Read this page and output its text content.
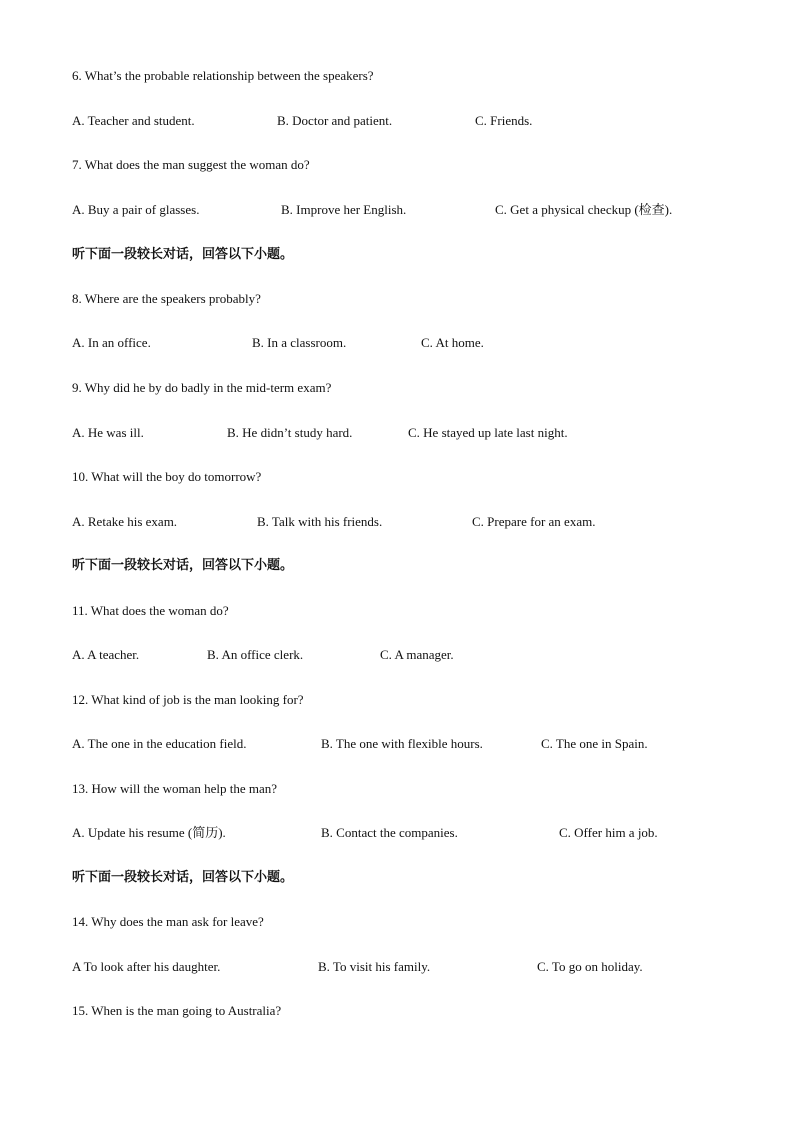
6. What’s the probable relationship between the speakers?
A. Teacher and student.	B. Doctor and patient.	C. Friends.
7. What does the man suggest the woman do?
A. Buy a pair of glasses.	B. Improve her English.	C. Get a physical checkup (检查).
听下面一段较长对话，回答以下小题。
8. Where are the speakers probably?
A. In an office.	B. In a classroom.	C. At home.
9. Why did he by do badly in the mid-term exam?
A. He was ill.	B. He didn’t study hard.	C. He stayed up late last night.
10. What will the boy do tomorrow?
A. Retake his exam.	B. Talk with his friends.	C. Prepare for an exam.
听下面一段较长对话，回答以下小题。
11. What does the woman do?
A. A teacher.	B. An office clerk.	C. A manager.
12. What kind of job is the man looking for?
A. The one in the education field.	B. The one with flexible hours.	C. The one in Spain.
13. How will the woman help the man?
A. Update his resume (简历).	B. Contact the companies.	C. Offer him a job.
听下面一段较长对话，回答以下小题。
14. Why does the man ask for leave?
A To look after his daughter.	B. To visit his family.	C. To go on holiday.
15. When is the man going to Australia?
